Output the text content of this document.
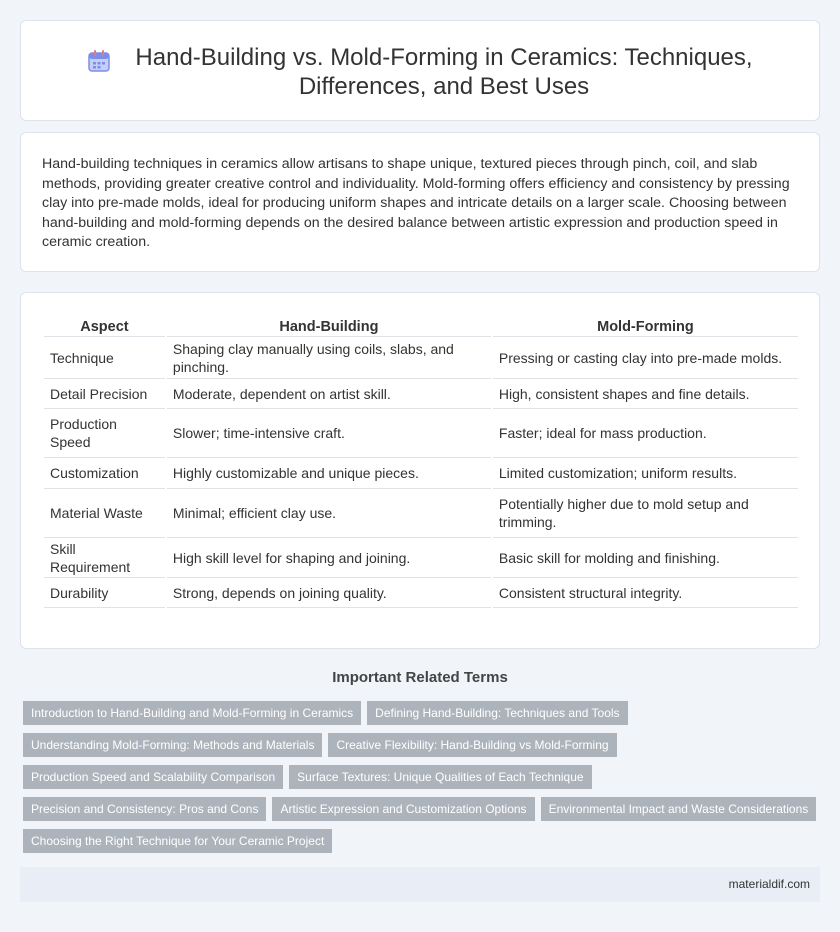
Hand-Building vs. Mold-Forming in Ceramics: Techniques, Differences, and Best Uses

Hand-building techniques in ceramics allow artisans to shape unique, textured pieces through pinch, coil, and slab methods, providing greater creative control and individuality. Mold-forming offers efficiency and consistency by pressing clay into pre-made molds, ideal for producing uniform shapes and intricate details on a larger scale. Choosing between hand-building and mold-forming depends on the desired balance between artistic expression and production speed in ceramic creation.

Aspect	Hand-Building	Mold-Forming
Technique	Shaping clay manually using coils, slabs, and pinching.	Pressing or casting clay into pre-made molds.
Detail Precision	Moderate, dependent on artist skill.	High, consistent shapes and fine details.
Production Speed	Slower; time-intensive craft.	Faster; ideal for mass production.
Customization	Highly customizable and unique pieces.	Limited customization; uniform results.
Material Waste	Minimal; efficient clay use.	Potentially higher due to mold setup and trimming.
Skill Requirement	High skill level for shaping and joining.	Basic skill for molding and finishing.
Durability	Strong, depends on joining quality.	Consistent structural integrity.
Important Related Terms
Introduction to Hand-Building and Mold-Forming in Ceramics	Defining Hand-Building: Techniques and Tools
Understanding Mold-Forming: Methods and Materials	Creative Flexibility: Hand-Building vs Mold-Forming
Production Speed and Scalability Comparison	Surface Textures: Unique Qualities of Each Technique
Precision and Consistency: Pros and Cons	Artistic Expression and Customization Options	Environmental Impact and Waste Considerations
Choosing the Right Technique for Your Ceramic Project
materialdif.com
